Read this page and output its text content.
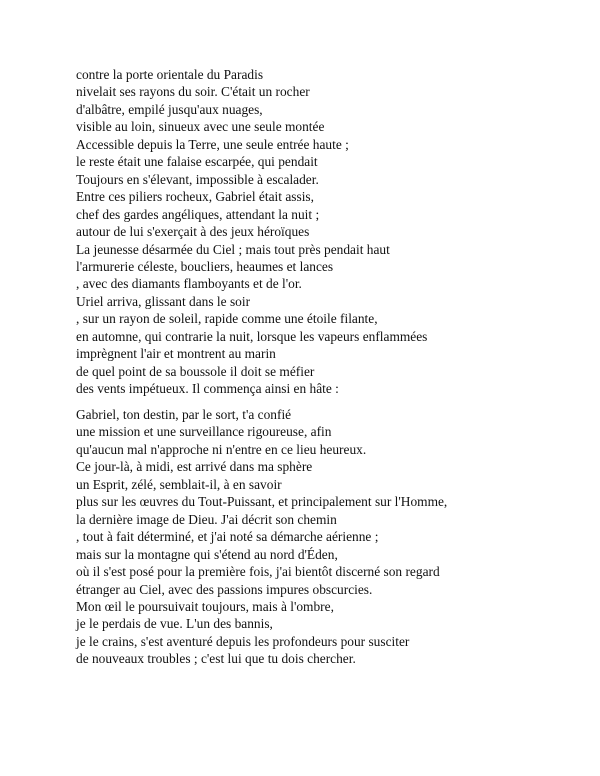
contre la porte orientale du Paradis
nivelait ses rayons du soir. C'était un rocher
d'albâtre, empilé jusqu'aux nuages,
visible au loin, sinueux avec une seule montée
Accessible depuis la Terre, une seule entrée haute ;
le reste était une falaise escarpée, qui pendait
Toujours en s'élevant, impossible à escalader.
Entre ces piliers rocheux, Gabriel était assis,
chef des gardes angéliques, attendant la nuit ;
autour de lui s'exerçait à des jeux héroïques
La jeunesse désarmée du Ciel ; mais tout près pendait haut
l'armurerie céleste, boucliers, heaumes et lances
, avec des diamants flamboyants et de l'or.
Uriel arriva, glissant dans le soir
, sur un rayon de soleil, rapide comme une étoile filante,
en automne, qui contrarie la nuit, lorsque les vapeurs enflammées
imprègnent l'air et montrent au marin
de quel point de sa boussole il doit se méfier
des vents impétueux. Il commença ainsi en hâte :
Gabriel, ton destin, par le sort, t'a confié
une mission et une surveillance rigoureuse, afin
qu'aucun mal n'approche ni n'entre en ce lieu heureux.
Ce jour-là, à midi, est arrivé dans ma sphère
un Esprit, zélé, semblait-il, à en savoir
plus sur les œuvres du Tout-Puissant, et principalement sur l'Homme,
la dernière image de Dieu. J'ai décrit son chemin
, tout à fait déterminé, et j'ai noté sa démarche aérienne ;
mais sur la montagne qui s'étend au nord d'Éden,
où il s'est posé pour la première fois, j'ai bientôt discerné son regard
étranger au Ciel, avec des passions impures obscurcies.
Mon œil le poursuivait toujours, mais à l'ombre,
je le perdais de vue. L'un des bannis,
je le crains, s'est aventuré depuis les profondeurs pour susciter
de nouveaux troubles ; c'est lui que tu dois chercher.
